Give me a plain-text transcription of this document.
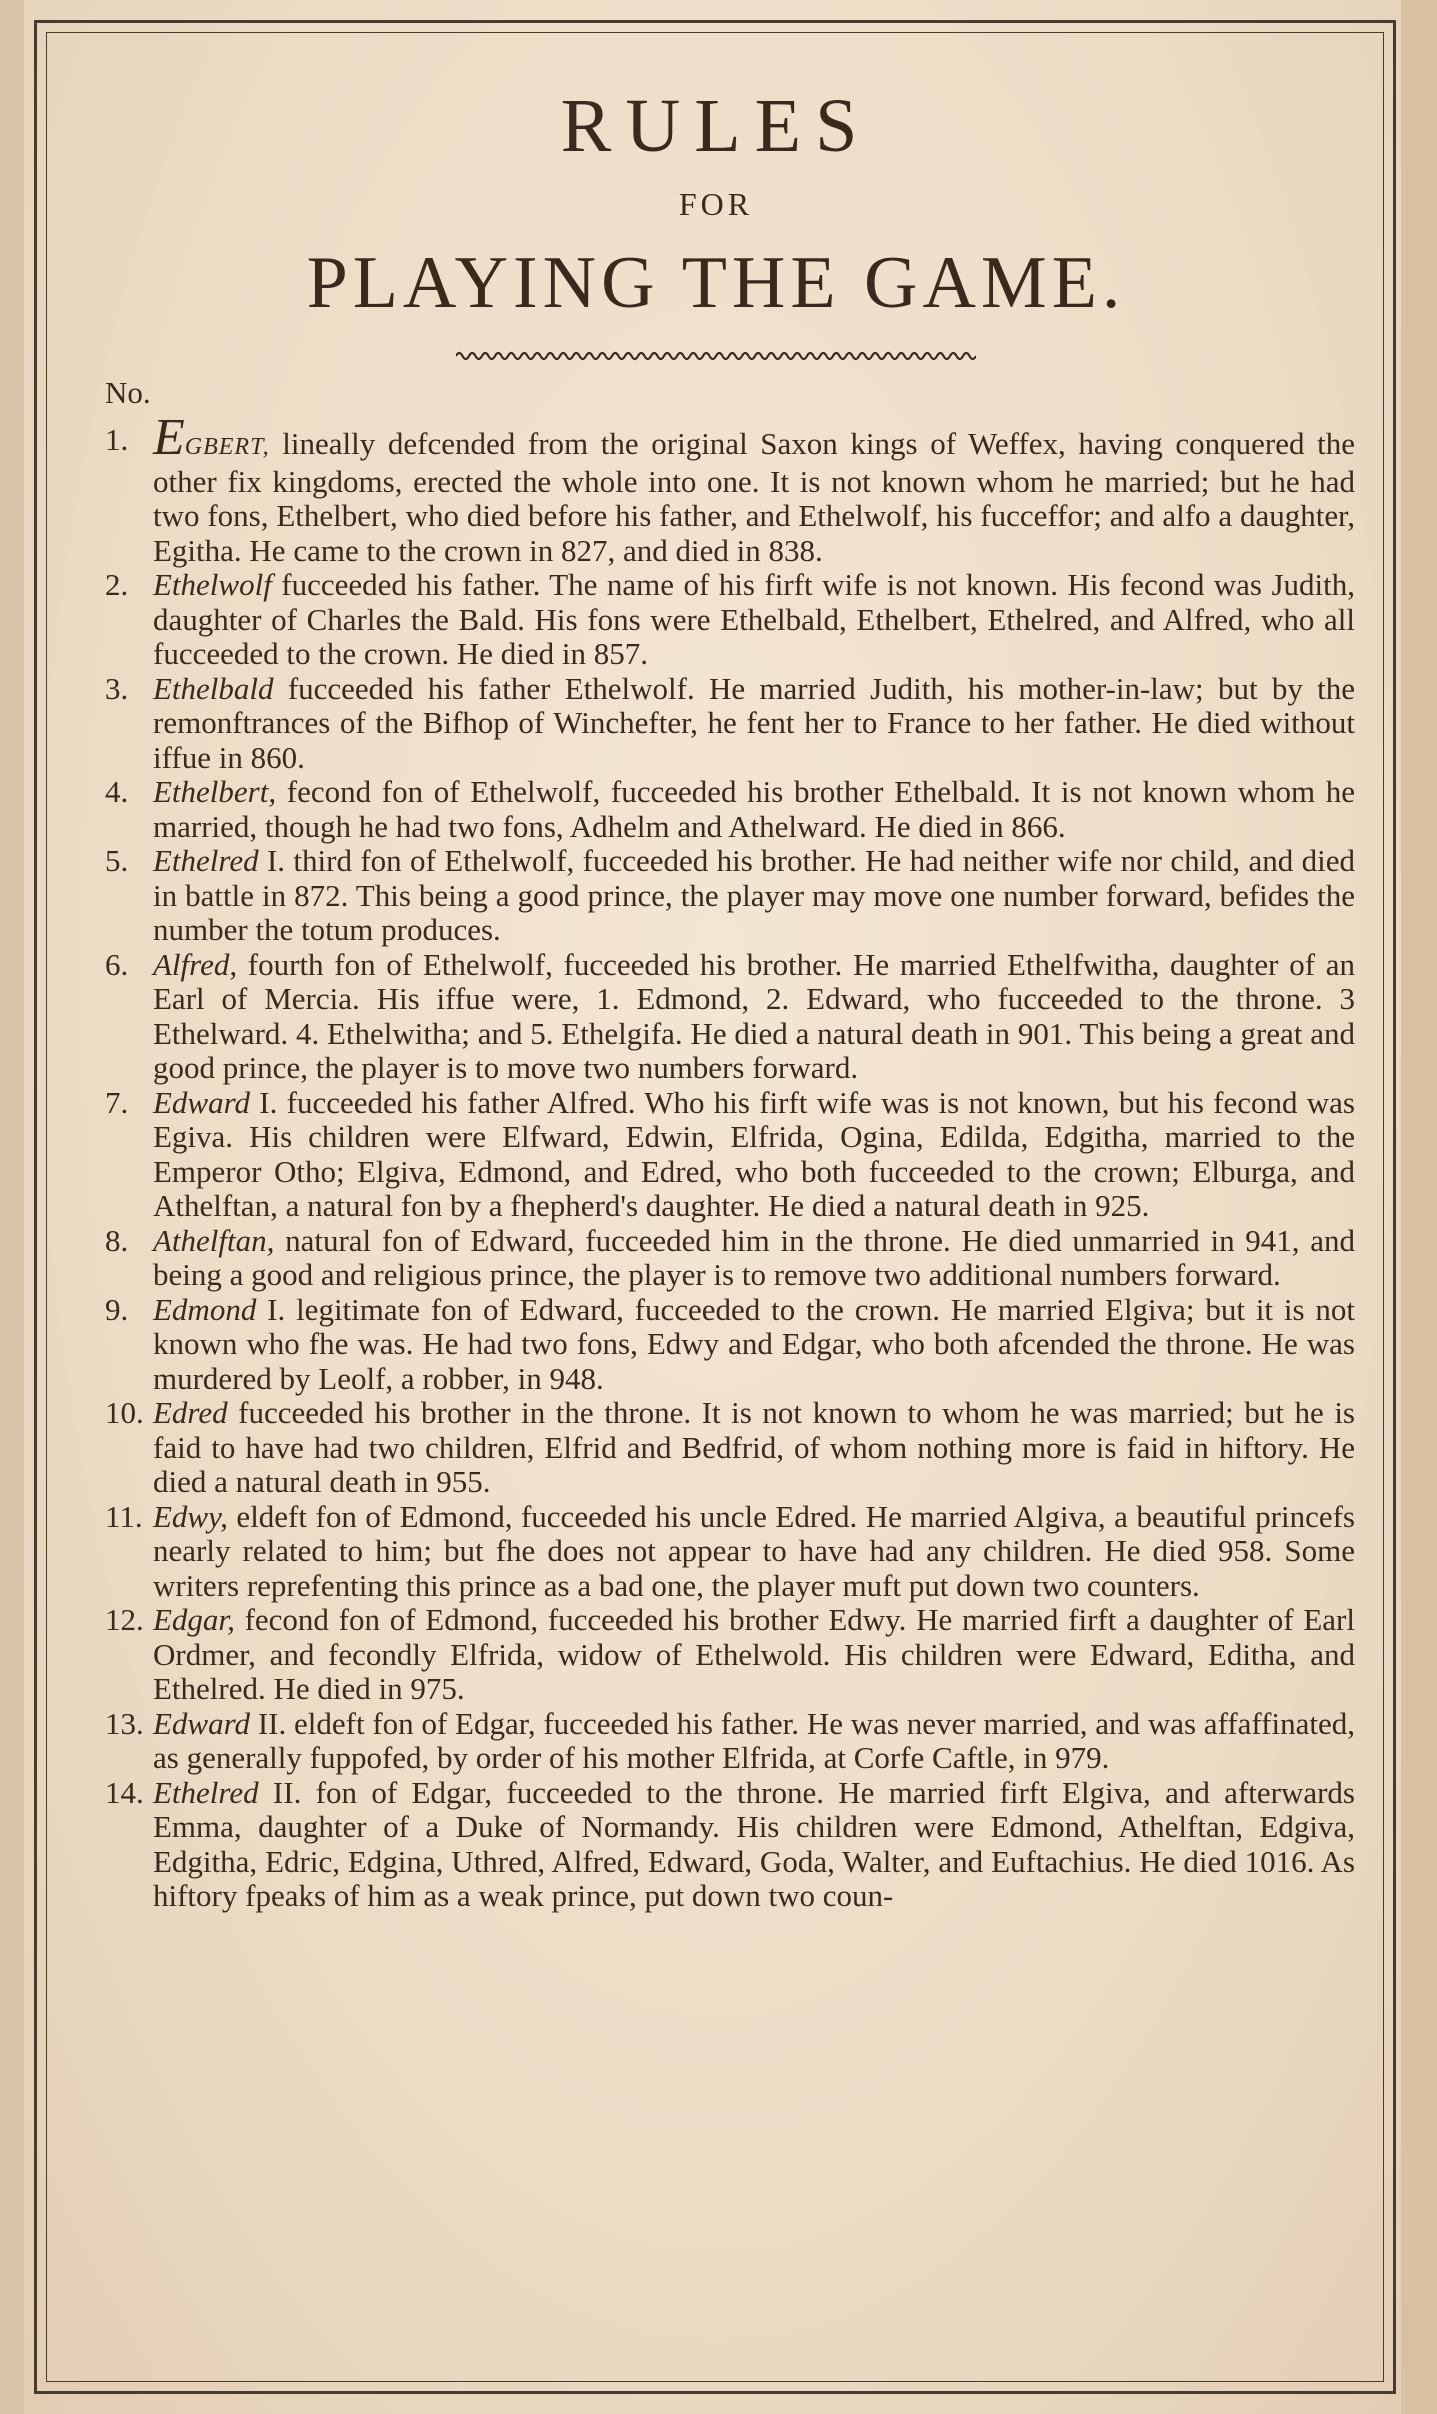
RULES
FOR
PLAYING THE GAME.
No.
1. EGBERT, lineally defcended from the original Saxon kings of Weffex, having conquered the other fix kingdoms, erected the whole into one. It is not known whom he married; but he had two fons, Ethelbert, who died before his father, and Ethelwolf, his fucceffor; and alfo a daughter, Egitha. He came to the crown in 827, and died in 838.
2. Ethelwolf fucceeded his father. The name of his firft wife is not known. His fecond was Judith, daughter of Charles the Bald. His fons were Ethelbald, Ethelbert, Ethelred, and Alfred, who all fucceeded to the crown. He died in 857.
3. Ethelbald fucceeded his father Ethelwolf. He married Judith, his mother-in-law; but by the remonftrances of the Bifhop of Winchefter, he fent her to France to her father. He died without iffue in 860.
4. Ethelbert, fecond fon of Ethelwolf, fucceeded his brother Ethelbald. It is not known whom he married, though he had two fons, Adhelm and Athelward. He died in 866.
5. Ethelred I. third fon of Ethelwolf, fucceeded his brother. He had neither wife nor child, and died in battle in 872. This being a good prince, the player may move one number forward, befides the number the totum produces.
6. Alfred, fourth fon of Ethelwolf, fucceeded his brother. He married Ethelfwitha, daughter of an Earl of Mercia. His iffue were, 1. Edmond, 2. Edward, who fucceeded to the throne. 3 Ethelward. 4. Ethelwitha; and 5. Ethelgifa. He died a natural death in 901. This being a great and good prince, the player is to move two numbers forward.
7. Edward I. fucceeded his father Alfred. Who his firft wife was is not known, but his fecond was Egiva. His children were Elfward, Edwin, Elfrida, Ogina, Edilda, Edgitha, married to the Emperor Otho; Elgiva, Edmond, and Edred, who both fucceeded to the crown; Elburga, and Athelftan, a natural fon by a fhepherd's daughter. He died a natural death in 925.
8. Athelftan, natural fon of Edward, fucceeded him in the throne. He died unmarried in 941, and being a good and religious prince, the player is to remove two additional numbers forward.
9. Edmond I. legitimate fon of Edward, fucceeded to the crown. He married Elgiva; but it is not known who fhe was. He had two fons, Edwy and Edgar, who both afcended the throne. He was murdered by Leolf, a robber, in 948.
10. Edred fucceeded his brother in the throne. It is not known to whom he was married; but he is faid to have had two children, Elfrid and Bedfrid, of whom nothing more is faid in hiftory. He died a natural death in 955.
11. Edwy, eldeft fon of Edmond, fucceeded his uncle Edred. He married Algiva, a beautiful princefs nearly related to him; but fhe does not appear to have had any children. He died 958. Some writers reprefenting this prince as a bad one, the player muft put down two counters.
12. Edgar, fecond fon of Edmond, fucceeded his brother Edwy. He married firft a daughter of Earl Ordmer, and fecondly Elfrida, widow of Ethelwold. His children were Edward, Editha, and Ethelred. He died in 975.
13. Edward II. eldeft fon of Edgar, fucceeded his father. He was never married, and was affaffinated, as generally fuppofed, by order of his mother Elfrida, at Corfe Caftle, in 979.
14. Ethelred II. fon of Edgar, fucceeded to the throne. He married firft Elgiva, and afterwards Emma, daughter of a Duke of Normandy. His children were Edmond, Athelftan, Edgiva, Edgitha, Edric, Edgina, Uthred, Alfred, Edward, Goda, Walter, and Euftachius. He died 1016. As hiftory fpeaks of him as a weak prince, put down two coun-
